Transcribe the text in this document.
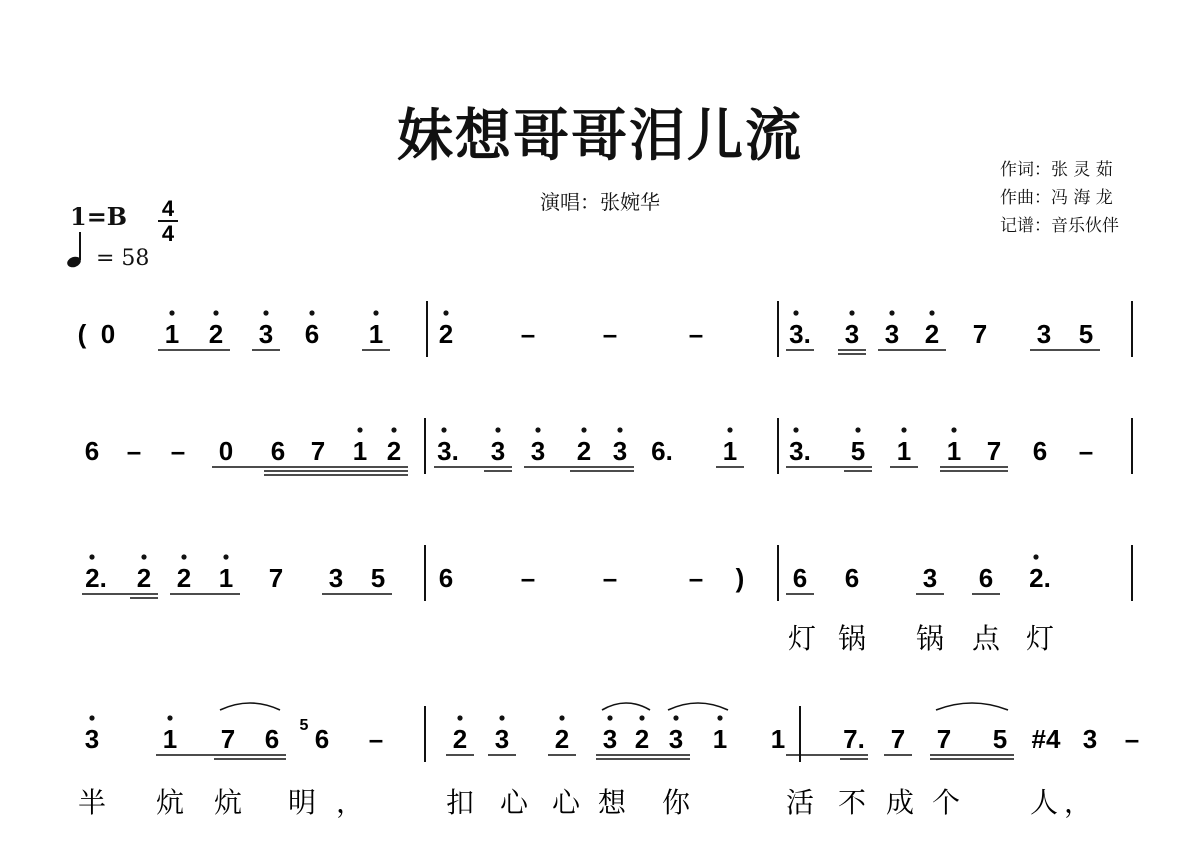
妹想哥哥泪儿流
演唱：张婉华
作词：张 灵 茹
作曲：冯 海 龙
记谱：音乐伙伴
1=B 4
4
( 0 1 2 3 6 1 2	–	–	–	3. 3 3 2 7 3 5
6 – – 0 6 7 1 2 3. 3 3 2 3 6. 1 3. 5 1 1 7 6 –
2. 2 2 1 7 3 5 6	–	–	– ) 6 6 3 6 2.
灯 锅 锅 点 灯
3 1 7 6 5 6 –	2 3 2 3 2 3 1 1 7. 7 7 5 #4 3 –
半 炕 炕 明 ，	扣 心 心 想 你	活 不 成 个 人 ，
= 58
